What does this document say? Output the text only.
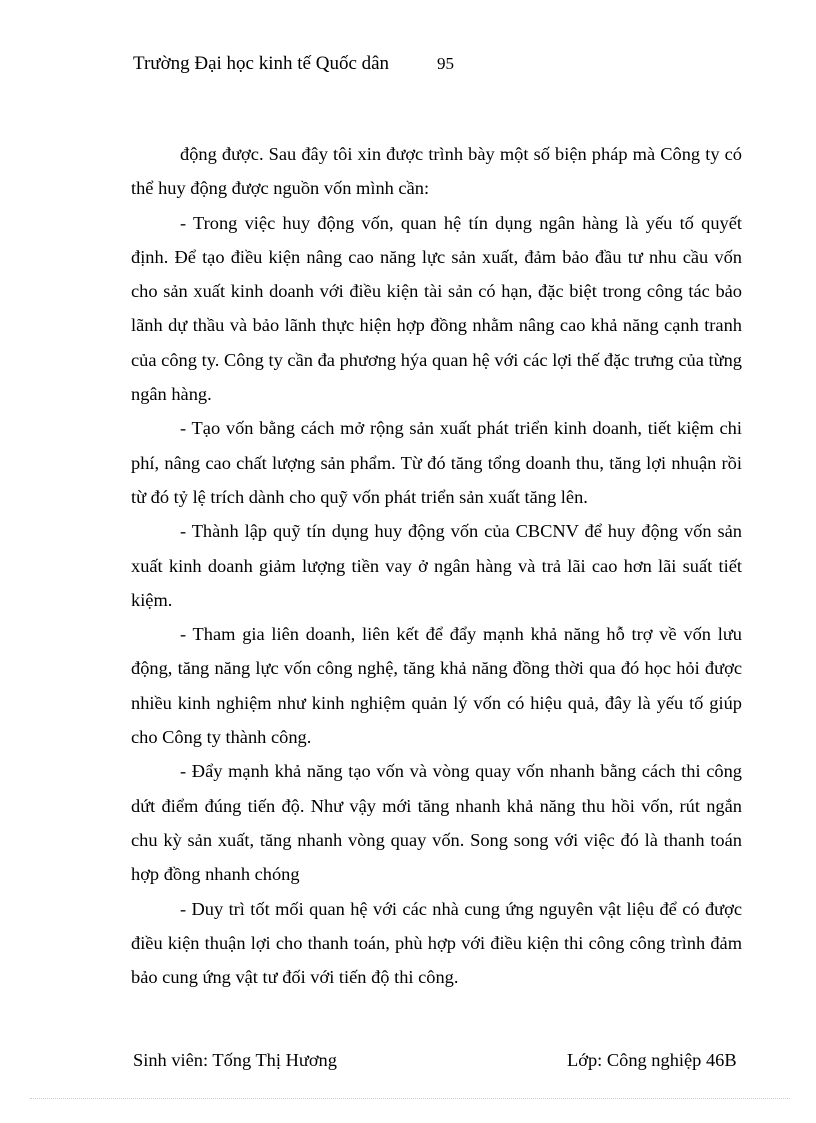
Trường Đại học kinh tế Quốc dân	95

động được. Sau đây tôi xin được trình bày một số biện pháp mà Công ty có thể huy động được nguồn vốn mình cần:

- Trong việc huy động vốn, quan hệ tín dụng ngân hàng là yếu tố quyết định. Để tạo điều kiện nâng cao năng lực sản xuất, đảm bảo đầu tư nhu cầu vốn cho sản xuất kinh doanh với điều kiện tài sản có hạn, đặc biệt trong công tác bảo lãnh dự thầu và bảo lãnh thực hiện hợp đồng nhằm nâng cao khả năng cạnh tranh của công ty. Công ty cần đa phương hýa quan hệ với các lợi thế đặc trưng của từng ngân hàng.

- Tạo vốn bằng cách mở rộng sản xuất phát triển kinh doanh, tiết kiệm chi phí, nâng cao chất lượng sản phẩm. Từ đó tăng tổng doanh thu, tăng lợi nhuận rồi từ đó tỷ lệ trích dành cho quỹ vốn phát triển sản xuất tăng lên.

- Thành lập quỹ tín dụng huy động vốn của CBCNV để huy động vốn sản xuất kinh doanh giảm lượng tiền vay ở ngân hàng và trả lãi cao hơn lãi suất tiết kiệm.

- Tham gia liên doanh, liên kết để đẩy mạnh khả năng hỗ trợ về vốn lưu động, tăng năng lực vốn công nghệ, tăng khả năng đồng thời qua đó học hỏi được nhiều kinh nghiệm như kinh nghiệm quản lý vốn có hiệu quả, đây là yếu tố giúp cho Công ty thành công.

- Đẩy mạnh khả năng tạo vốn và vòng quay vốn nhanh bằng cách thi công dứt điểm đúng tiến độ. Như vậy mới tăng nhanh khả năng thu hồi vốn, rút ngắn chu kỳ sản xuất, tăng nhanh vòng quay vốn. Song song với việc đó là thanh toán hợp đồng nhanh chóng

- Duy trì tốt mối quan hệ với các nhà cung ứng nguyên vật liệu để có được điều kiện thuận lợi cho thanh toán, phù hợp với điều kiện thi công công trình đảm bảo cung ứng vật tư đối với tiến độ thi công.

Sinh viên: Tống Thị Hương	Lớp: Công nghiệp 46B
